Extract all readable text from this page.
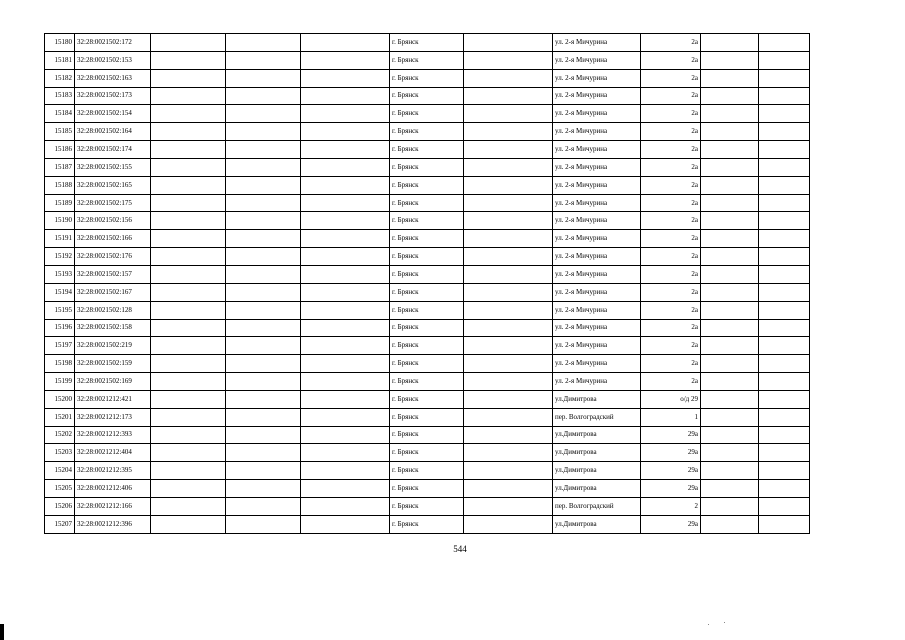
15180	32:28:0021502:172				г. Брянск		ул. 2-я Мичурина	2а		
15181	32:28:0021502:153				г. Брянск		ул. 2-я Мичурина	2а		
15182	32:28:0021502:163				г. Брянск		ул. 2-я Мичурина	2а		
15183	32:28:0021502:173				г. Брянск		ул. 2-я Мичурина	2а		
15184	32:28:0021502:154				г. Брянск		ул. 2-я Мичурина	2а		
15185	32:28:0021502:164				г. Брянск		ул. 2-я Мичурина	2а		
15186	32:28:0021502:174				г. Брянск		ул. 2-я Мичурина	2а		
15187	32:28:0021502:155				г. Брянск		ул. 2-я Мичурина	2а		
15188	32:28:0021502:165				г. Брянск		ул. 2-я Мичурина	2а		
15189	32:28:0021502:175				г. Брянск		ул. 2-я Мичурина	2а		
15190	32:28:0021502:156				г. Брянск		ул. 2-я Мичурина	2а		
15191	32:28:0021502:166				г. Брянск		ул. 2-я Мичурина	2а		
15192	32:28:0021502:176				г. Брянск		ул. 2-я Мичурина	2а		
15193	32:28:0021502:157				г. Брянск		ул. 2-я Мичурина	2а		
15194	32:28:0021502:167				г. Брянск		ул. 2-я Мичурина	2а		
15195	32:28:0021502:128				г. Брянск		ул. 2-я Мичурина	2а		
15196	32:28:0021502:158				г. Брянск		ул. 2-я Мичурина	2а		
15197	32:28:0021502:219				г. Брянск		ул. 2-я Мичурина	2а		
15198	32:28:0021502:159				г. Брянск		ул. 2-я Мичурина	2а		
15199	32:28:0021502:169				г. Брянск		ул. 2-я Мичурина	2а		
15200	32:28:0021212:421				г. Брянск		ул.Димитрова	о/д 29		
15201	32:28:0021212:173				г. Брянск		пер. Волгоградский	1		
15202	32:28:0021212:393				г. Брянск		ул.Димитрова	29а		
15203	32:28:0021212:404				г. Брянск		ул.Димитрова	29а		
15204	32:28:0021212:395				г. Брянск		ул.Димитрова	29а		
15205	32:28:0021212:406				г. Брянск		ул.Димитрова	29а		
15206	32:28:0021212:166				г. Брянск		пер. Волгоградский	2		
15207	32:28:0021212:396				г. Брянск		ул.Димитрова	29а		
544
